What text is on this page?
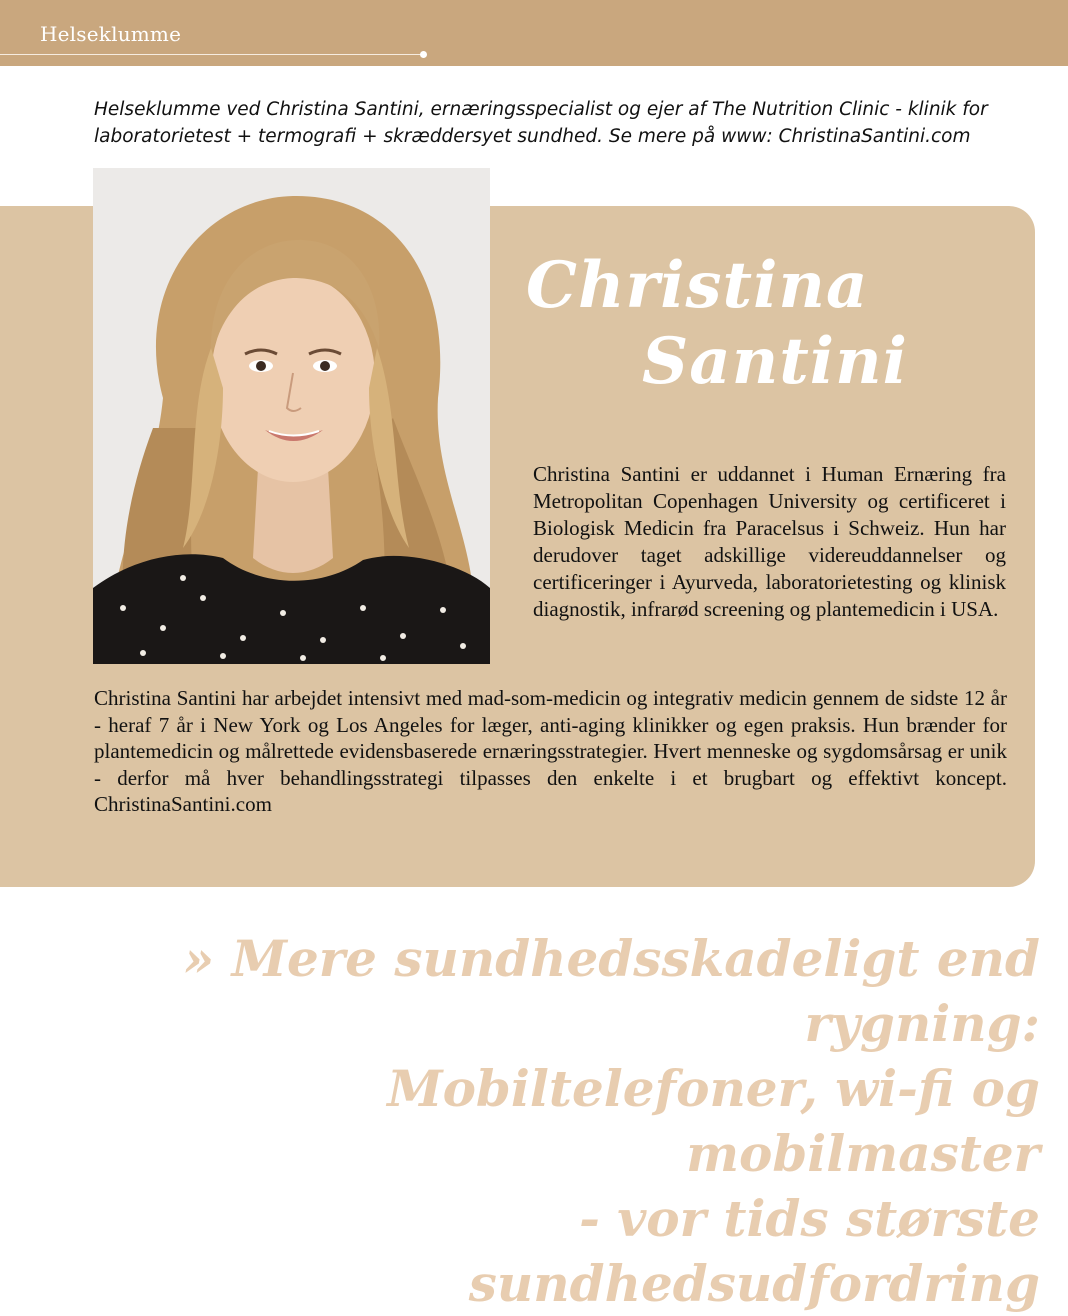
Helseklumme
Helseklumme ved Christina Santini, ernæringsspecialist og ejer af The Nutrition Clinic - klinik for laboratorietest + termografi + skræddersyet sundhed. Se mere på www: ChristinaSantini.com
Christina
Santini
Christina Santini er uddannet i Human Ernæring fra Metropolitan Copenhagen University og certificeret i Biologisk Medicin fra Paracelsus i Schweiz. Hun har derudover taget adskillige videreuddannelser og certificeringer i Ayurveda, laboratorietesting og klinisk diagnostik, infrarød screening og plantemedicin i USA.
Christina Santini har arbejdet intensivt med mad-som-medicin og integrativ medicin gennem de sidste 12 år - heraf 7 år i New York og Los Angeles for læger, anti-aging klinikker og egen praksis. Hun brænder for plantemedicin og målrettede evidensbaserede ernæringsstrategier. Hvert menneske og sygdomsårsag er unik - derfor må hver behandlingsstrategi tilpasses den enkelte i et brugbart og effektivt koncept. ChristinaSantini.com
» Mere sundhedsskadeligt end rygning:
Mobiltelefoner, wi-fi og mobilmaster
- vor tids største sundhedsudfordring
